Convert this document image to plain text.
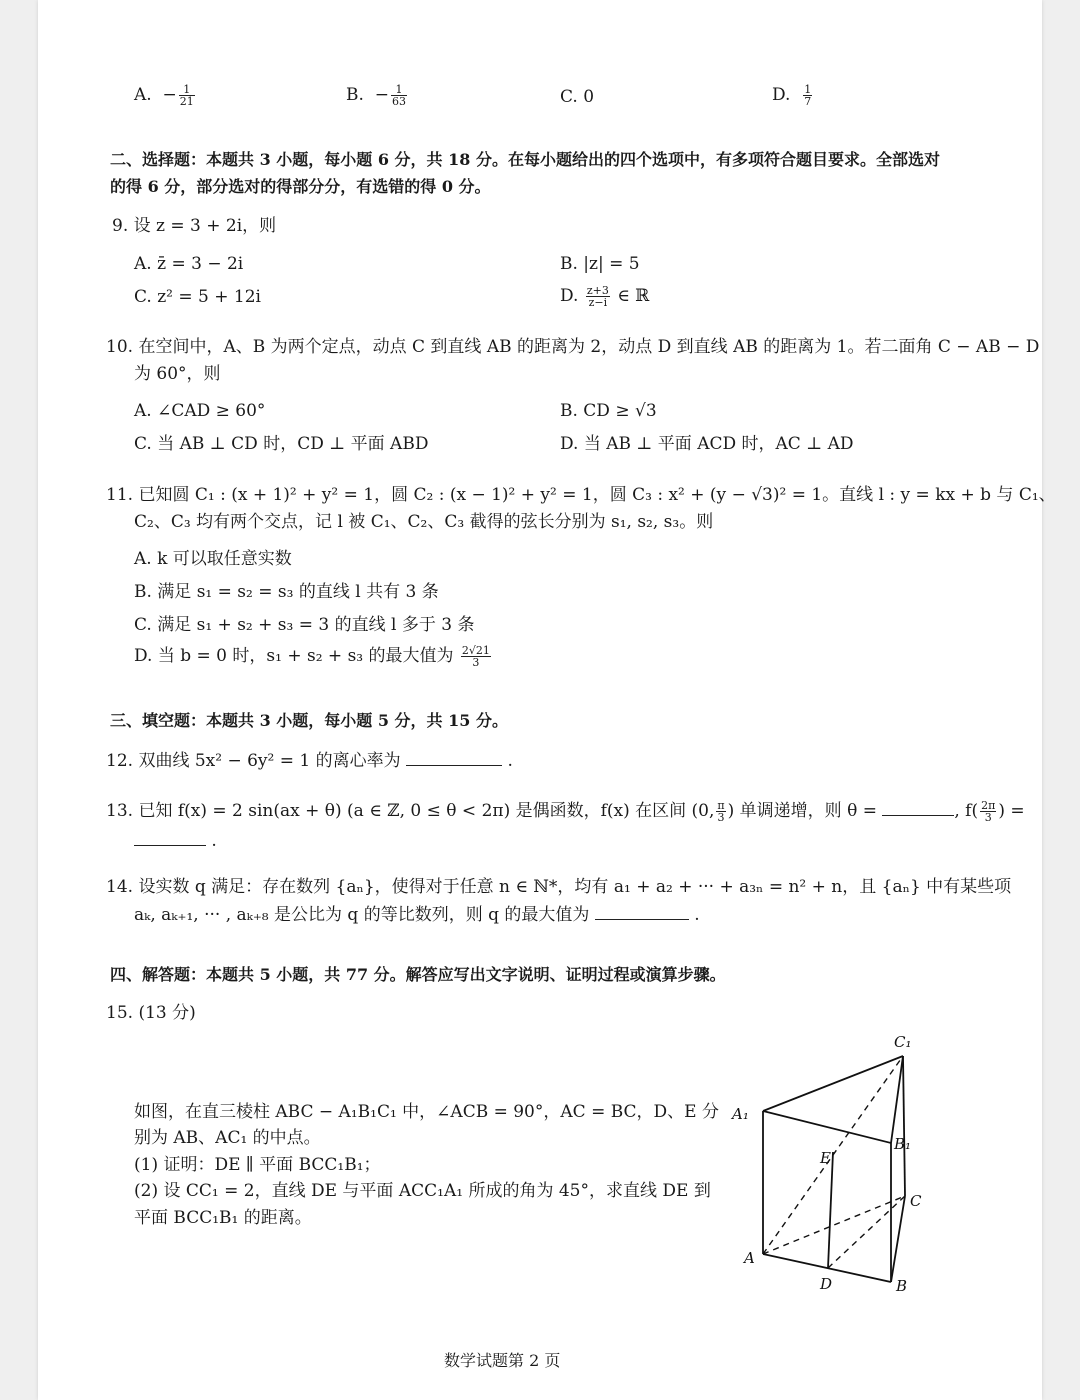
A. − $\frac{1}{21}$	B. − $\frac{1}{63}$	C. 0	D. $\frac{1}{7}$
二、选择题：本题共 3 小题，每小题 6 分，共 18 分。在每小题给出的四个选项中，有多项符合题目要求。全部选对
的得 6 分，部分选对的得部分分，有选错的得 0 分。
9. 设 z = 3 + 2i，则
A. z̄ = 3 − 2i	B. |z| = 5
C. z² = 5 + 12i	D. $\frac{z+3}{z-i}$ ∈ ℝ
10. 在空间中，A、B 为两个定点，动点 C 到直线 AB 的距离为 2，动点 D 到直线 AB 的距离为 1。若二面角 C − AB − D
为 60°，则
A. ∠CAD ≥ 60°	B. CD ≥ √3
C. 当 AB ⊥ CD 时，CD ⊥ 平面 ABD	D. 当 AB ⊥ 平面 ACD 时，AC ⊥ AD
11. 已知圆 C₁ : (x + 1)² + y² = 1，圆 C₂ : (x − 1)² + y² = 1，圆 C₃ : x² + (y − √3)² = 1。直线 l : y = kx + b 与 C₁、
C₂、C₃ 均有两个交点，记 l 被 C₁、C₂、C₃ 截得的弦长分别为 s₁, s₂, s₃。则
A. k 可以取任意实数
B. 满足 s₁ = s₂ = s₃ 的直线 l 共有 3 条
C. 满足 s₁ + s₂ + s₃ = 3 的直线 l 多于 3 条
D. 当 b = 0 时，s₁ + s₂ + s₃ 的最大值为 $\frac{2√21}{3}$
三、填空题：本题共 3 小题，每小题 5 分，共 15 分。
12. 双曲线 5x² − 6y² = 1 的离心率为	.
13. 已知 f(x) = 2 sin(ax + θ) (a ∈ ℤ, 0 ≤ θ < 2π) 是偶函数，f(x) 在区间 (0, $\frac{\pi}{3}$ ) 单调递增，则 θ =	, $f( \frac{2\pi}{3}$ ) =
.
14. 设实数 q 满足：存在数列 {aₙ}，使得对于任意 n ∈ ℕ*，均有 a₁ + a₂ + ··· + a₃ₙ = n² + n，且 {aₙ} 中有某些项
aₖ, aₖ₊₁, ··· , aₖ₊₈ 是公比为 q 的等比数列，则 q 的最大值为	.
四、解答题：本题共 5 小题，共 77 分。解答应写出文字说明、证明过程或演算步骤。
15. (13 分)
如图，在直三棱柱 ABC − A₁B₁C₁ 中，∠ACB = 90°，AC = BC，D、E 分
别为 AB、AC₁ 的中点。
(1) 证明：DE ∥ 平面 BCC₁B₁；
(2) 设 CC₁ = 2，直线 DE 与平面 ACC₁A₁ 所成的角为 45°，求直线 DE 到
平面 BCC₁B₁ 的距离。
C₁
A₁
B₁
E
C
A
D	B
数学试题第 2 页
